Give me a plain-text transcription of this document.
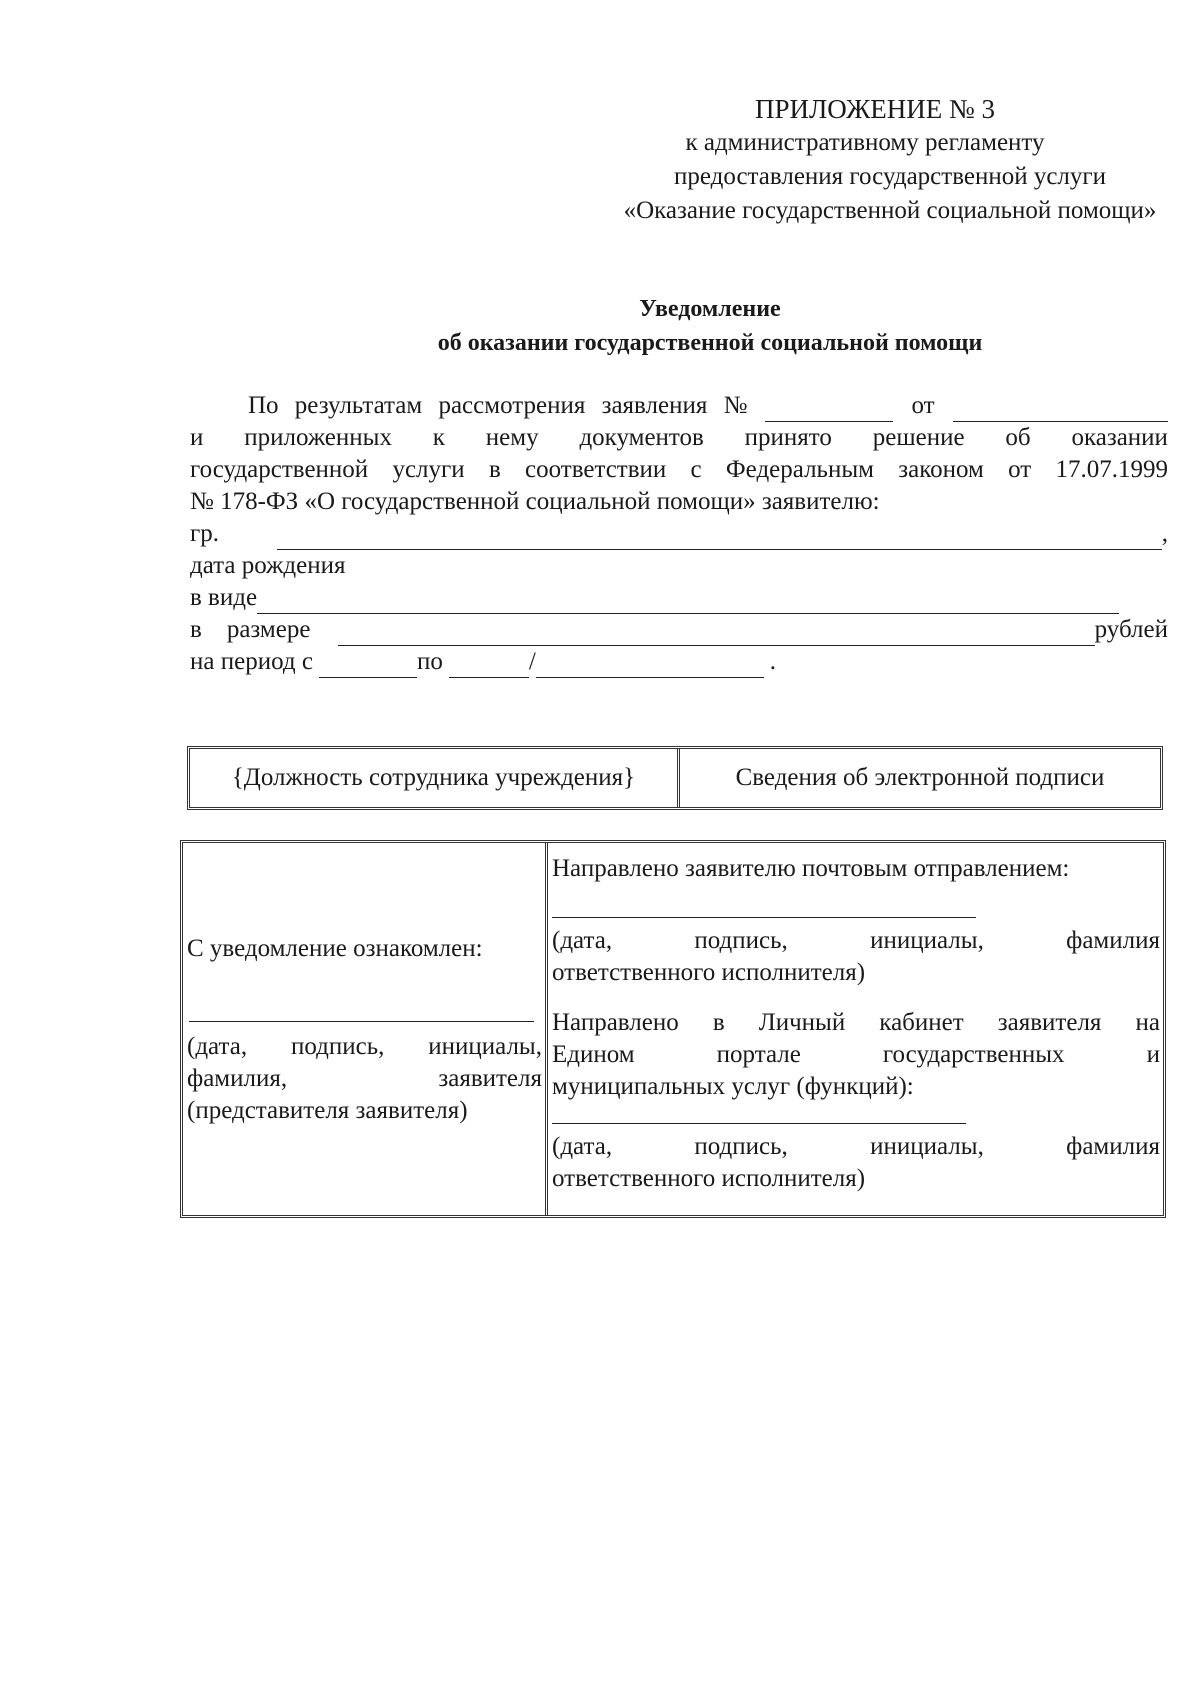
ПРИЛОЖЕНИЕ № 3
к административному регламенту
предоставления государственной услуги
«Оказание государственной социальной помощи»
Уведомление
об оказании государственной социальной помощи
По результатам рассмотрения заявления №	от
и приложенных к нему документов принято решение об оказании
государственной услуги в соответствии с Федеральным законом от 17.07.1999
№ 178-ФЗ «О государственной социальной помощи» заявителю:
гр.	,
дата рождения
в виде
в размере	рублей
на период с	по	/	.
{Должность сотрудника учреждения}	Сведения об электронной подписи
С уведомление ознакомлен:
(дата, подпись, инициалы,
фамилия,	заявителя
(представителя заявителя)
Направлено заявителю почтовым отправлением:
(дата,	подпись,	инициалы,	фамилия
ответственного исполнителя)
Направлено в Личный кабинет заявителя на
Едином	портале	государственных	и
муниципальных услуг (функций):
(дата,	подпись,	инициалы,	фамилия
ответственного исполнителя)
